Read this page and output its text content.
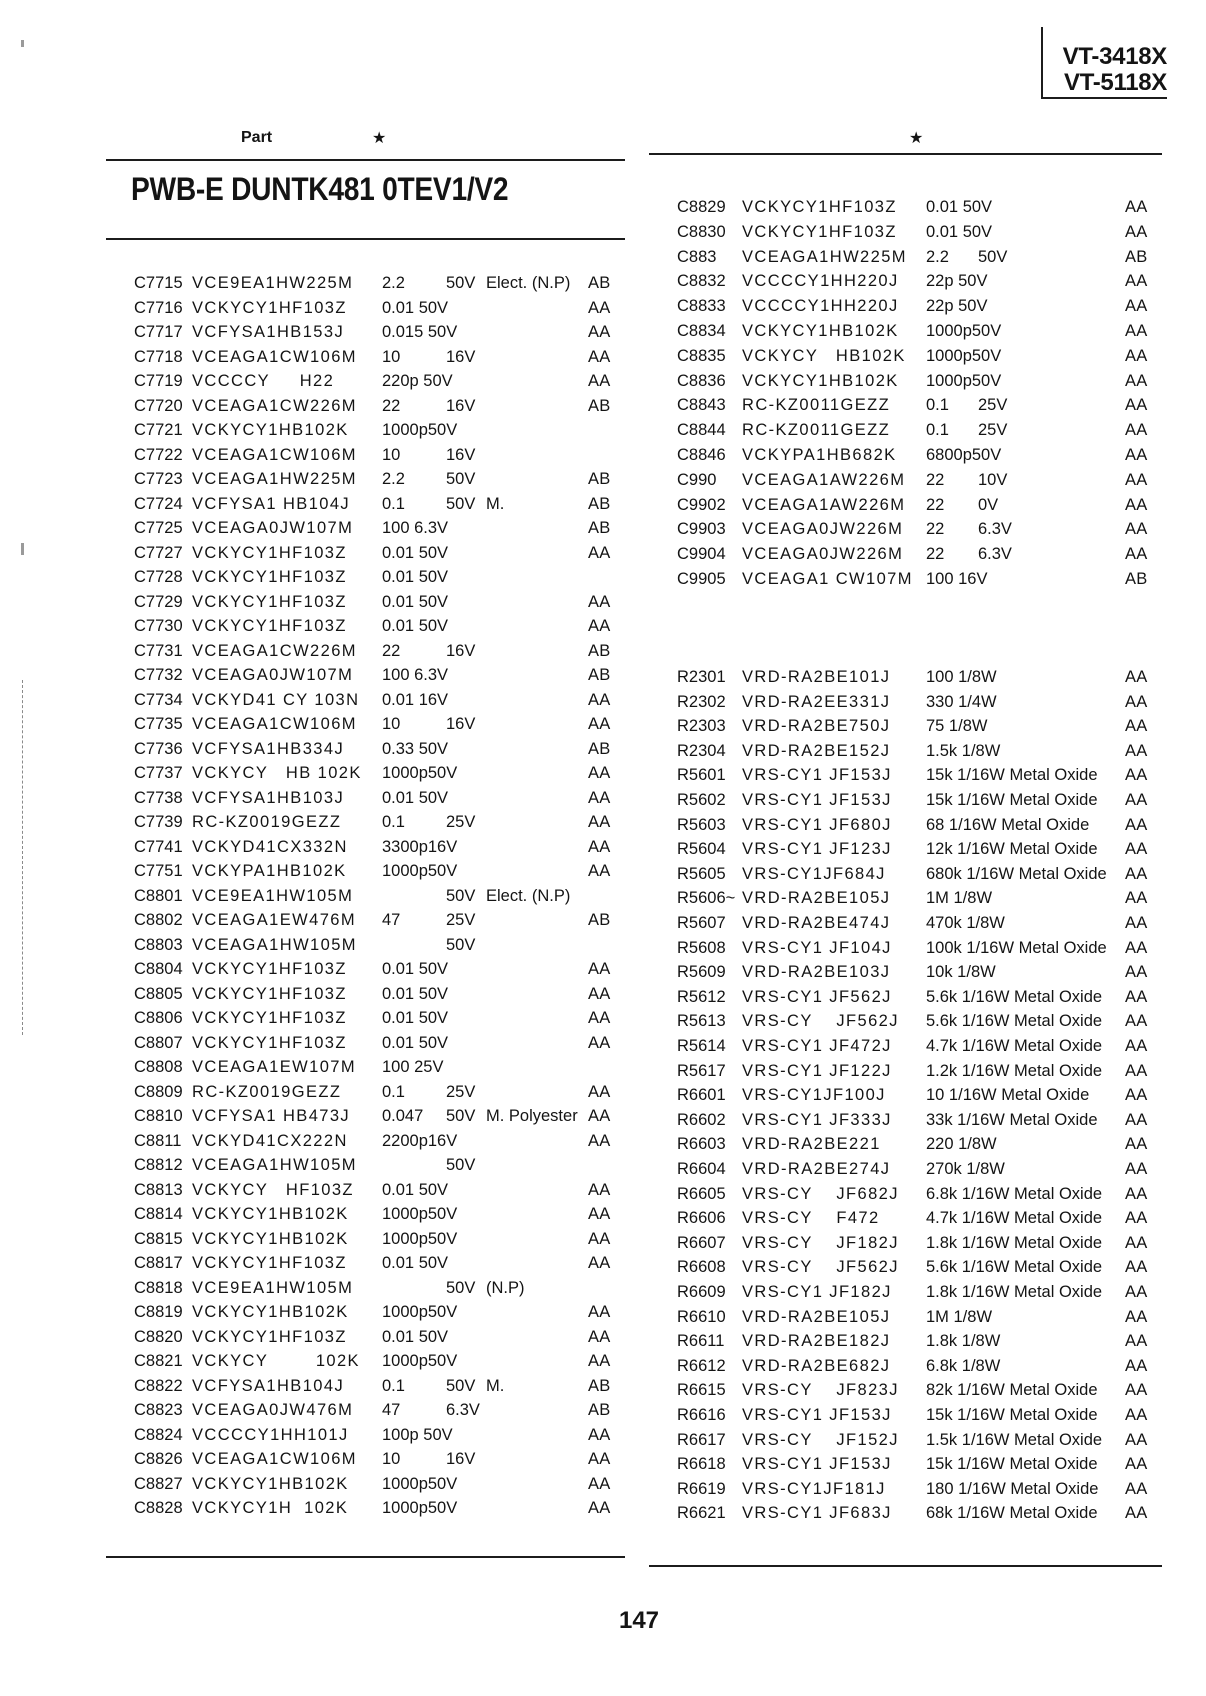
VT-3418X
VT-5118X
Part	★	★
PWB-E DUNTK481 0TEV1/V2
C7715 VCE9EA1HW225M 2.2 50V Elect. (N.P) AB
C7716 VCKYCY1HF103Z 0.01 50V	AA
C7717 VCFYSA1HB153J 0.015 50V	AA
C7718 VCEAGA1CW106M 10	16V	AA
C7719 VCCCCY     H22	220p 50V	AA
C7720 VCEAGA1CW226M 22	16V	AB
C7721 VCKYCY1HB102K 1000p50V
C7722 VCEAGA1CW106M 10	16V
C7723 VCEAGA1HW225M 2.2 50V	AB
C7724 VCFYSA1 HB104J 0.1 50V M.	AB
C7725 VCEAGA0JW107M 100 6.3V	AB
C7727 VCKYCY1HF103Z 0.01 50V	AA
C7728 VCKYCY1HF103Z 0.01 50V
C7729 VCKYCY1HF103Z 0.01 50V	AA
C7730 VCKYCY1HF103Z 0.01 50V	AA
C7731 VCEAGA1CW226M 22	16V	AB
C7732 VCEAGA0JW107M 100 6.3V	AB
C7734 VCKYD41 CY 103N 0.01 16V	AA
C7735 VCEAGA1CW106M 10	16V	AA
C7736 VCFYSA1HB334J 0.33 50V	AB
C7737 VCKYCY   HB 102K 1000p50V	AA
C7738 VCFYSA1HB103J 0.01 50V	AA
C7739 RC-KZ0019GEZZ 0.1 25V	AA
C7741 VCKYD41CX332N 3300p16V	AA
C7751 VCKYPA1HB102K 1000p50V	AA
C8801 VCE9EA1HW105M	50V Elect. (N.P)
C8802 VCEAGA1EW476M 47	25V	AB
C8803 VCEAGA1HW105M	50V
C8804 VCKYCY1HF103Z 0.01 50V	AA
C8805 VCKYCY1HF103Z 0.01 50V	AA
C8806 VCKYCY1HF103Z 0.01 50V	AA
C8807 VCKYCY1HF103Z 0.01 50V	AA
C8808 VCEAGA1EW107M 100 25V
C8809 RC-KZ0019GEZZ 0.1 25V	AA
C8810 VCFYSA1 HB473J 0.047 50V M. Polyester AA
C8811 VCKYD41CX222N 2200p16V	AA
C8812 VCEAGA1HW105M	50V
C8813 VCKYCY   HF103Z 0.01 50V	AA
C8814 VCKYCY1HB102K 1000p50V	AA
C8815 VCKYCY1HB102K 1000p50V	AA
C8817 VCKYCY1HF103Z 0.01 50V	AA
C8818 VCE9EA1HW105M	50V (N.P)
C8819 VCKYCY1HB102K 1000p50V	AA
C8820 VCKYCY1HF103Z 0.01 50V	AA
C8821 VCKYCY        102K 1000p50V	AA
C8822 VCFYSA1HB104J 0.1 50V M.	AB
C8823 VCEAGA0JW476M 47	6.3V	AB
C8824 VCCCCY1HH101J 100p 50V	AA
C8826 VCEAGA1CW106M 10	16V	AA
C8827 VCKYCY1HB102K 1000p50V	AA
C8828 VCKYCY1H  102K 1000p50V	AA
C8829 VCKYCY1HF103Z 0.01 50V	AA
C8830 VCKYCY1HF103Z 0.01 50V	AA
C883 VCEAGA1HW225M 2.2 50V	AB
C8832 VCCCCY1HH220J 22p 50V	AA
C8833 VCCCCY1HH220J 22p 50V	AA
C8834 VCKYCY1HB102K 1000p50V	AA
C8835 VCKYCY   HB102K 1000p50V	AA
C8836 VCKYCY1HB102K 1000p50V	AA
C8843 RC-KZ0011GEZZ 0.1 25V	AA
C8844 RC-KZ0011GEZZ 0.1 25V	AA
C8846 VCKYPA1HB682K 6800p50V	AA
C990 VCEAGA1AW226M 22 10V	AA
C9902 VCEAGA1AW226M 22 0V	AA
C9903 VCEAGA0JW226M 22 6.3V	AA
C9904 VCEAGA0JW226M 22 6.3V	AA
C9905 VCEAGA1 CW107M 100 16V	AB
R2301 VRD-RA2BE101J 100 1/8W	AA
R2302 VRD-RA2EE331J 330 1/4W	AA
R2303 VRD-RA2BE750J 75 1/8W	AA
R2304 VRD-RA2BE152J 1.5k 1/8W	AA
R5601 VRS-CY1 JF153J 15k 1/16W Metal Oxide AA
R5602 VRS-CY1 JF153J 15k 1/16W Metal Oxide AA
R5603 VRS-CY1 JF680J 68 1/16W Metal Oxide AA
R5604 VRS-CY1 JF123J 12k 1/16W Metal Oxide AA
R5605 VRS-CY1JF684J 680k 1/16W Metal Oxide AA
R5606~ VRD-RA2BE105J 1M 1/8W	AA
R5607 VRD-RA2BE474J 470k 1/8W	AA
R5608 VRS-CY1 JF104J 100k 1/16W Metal Oxide AA
R5609 VRD-RA2BE103J 10k 1/8W	AA
R5612 VRS-CY1 JF562J 5.6k 1/16W Metal Oxide AA
R5613 VRS-CY    JF562J 5.6k 1/16W Metal Oxide AA
R5614 VRS-CY1 JF472J 4.7k 1/16W Metal Oxide AA
R5617 VRS-CY1 JF122J 1.2k 1/16W Metal Oxide AA
R6601 VRS-CY1JF100J 10 1/16W Metal Oxide AA
R6602 VRS-CY1 JF333J 33k 1/16W Metal Oxide AA
R6603 VRD-RA2BE221	220 1/8W	AA
R6604 VRD-RA2BE274J 270k 1/8W	AA
R6605 VRS-CY    JF682J 6.8k 1/16W Metal Oxide AA
R6606 VRS-CY    F472	4.7k 1/16W Metal Oxide AA
R6607 VRS-CY    JF182J 1.8k 1/16W Metal Oxide AA
R6608 VRS-CY    JF562J 5.6k 1/16W Metal Oxide AA
R6609 VRS-CY1 JF182J 1.8k 1/16W Metal Oxide AA
R6610 VRD-RA2BE105J 1M 1/8W	AA
R6611 VRD-RA2BE182J 1.8k 1/8W	AA
R6612 VRD-RA2BE682J 6.8k 1/8W	AA
R6615 VRS-CY    JF823J 82k 1/16W Metal Oxide AA
R6616 VRS-CY1 JF153J 15k 1/16W Metal Oxide AA
R6617 VRS-CY    JF152J 1.5k 1/16W Metal Oxide AA
R6618 VRS-CY1 JF153J 15k 1/16W Metal Oxide AA
R6619 VRS-CY1JF181J 180 1/16W Metal Oxide AA
R6621 VRS-CY1 JF683J 68k 1/16W Metal Oxide AA
147
